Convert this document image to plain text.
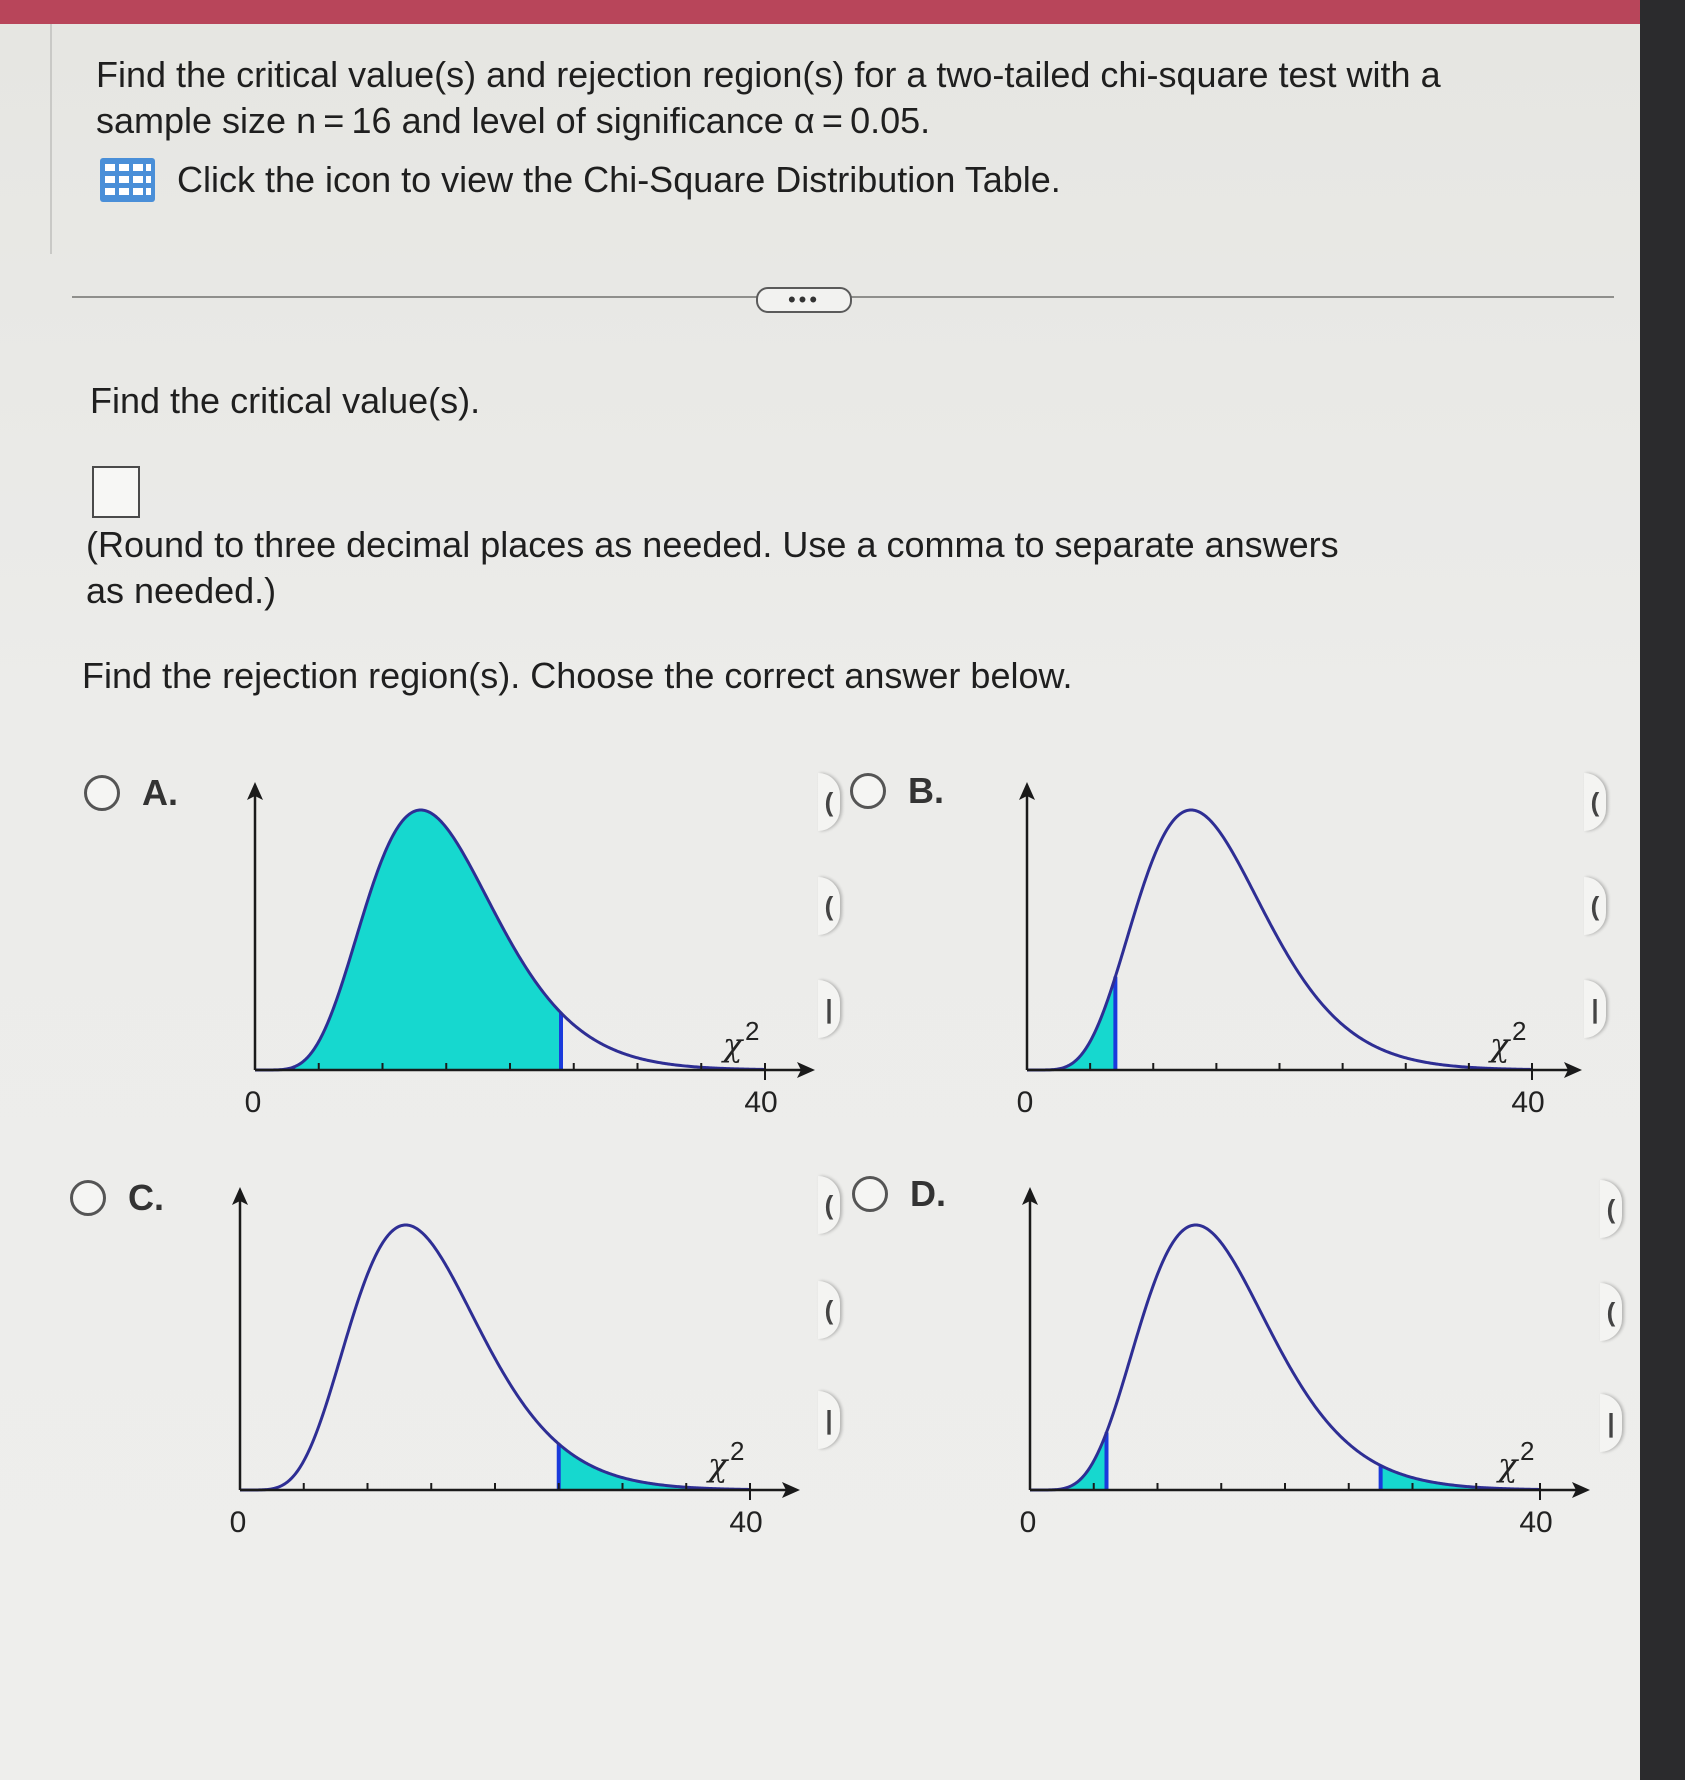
Find the critical value(s) and rejection region(s) for a two-tailed chi-square test with a
sample size n = 16 and level of significance α = 0.05.
Click the icon to view the Chi-Square Distribution Table.
•••
Find the critical value(s).
(Round to three decimal places as needed. Use a comma to separate answers
as needed.)
Find the rejection region(s). Choose the correct answer below.
A.	B.
C.	D.
(
(
|
(
(
|
(
(
|
(
(
|
0	40
χ 2
0	40
χ 2
0	40
χ 2
0	40
χ 2
